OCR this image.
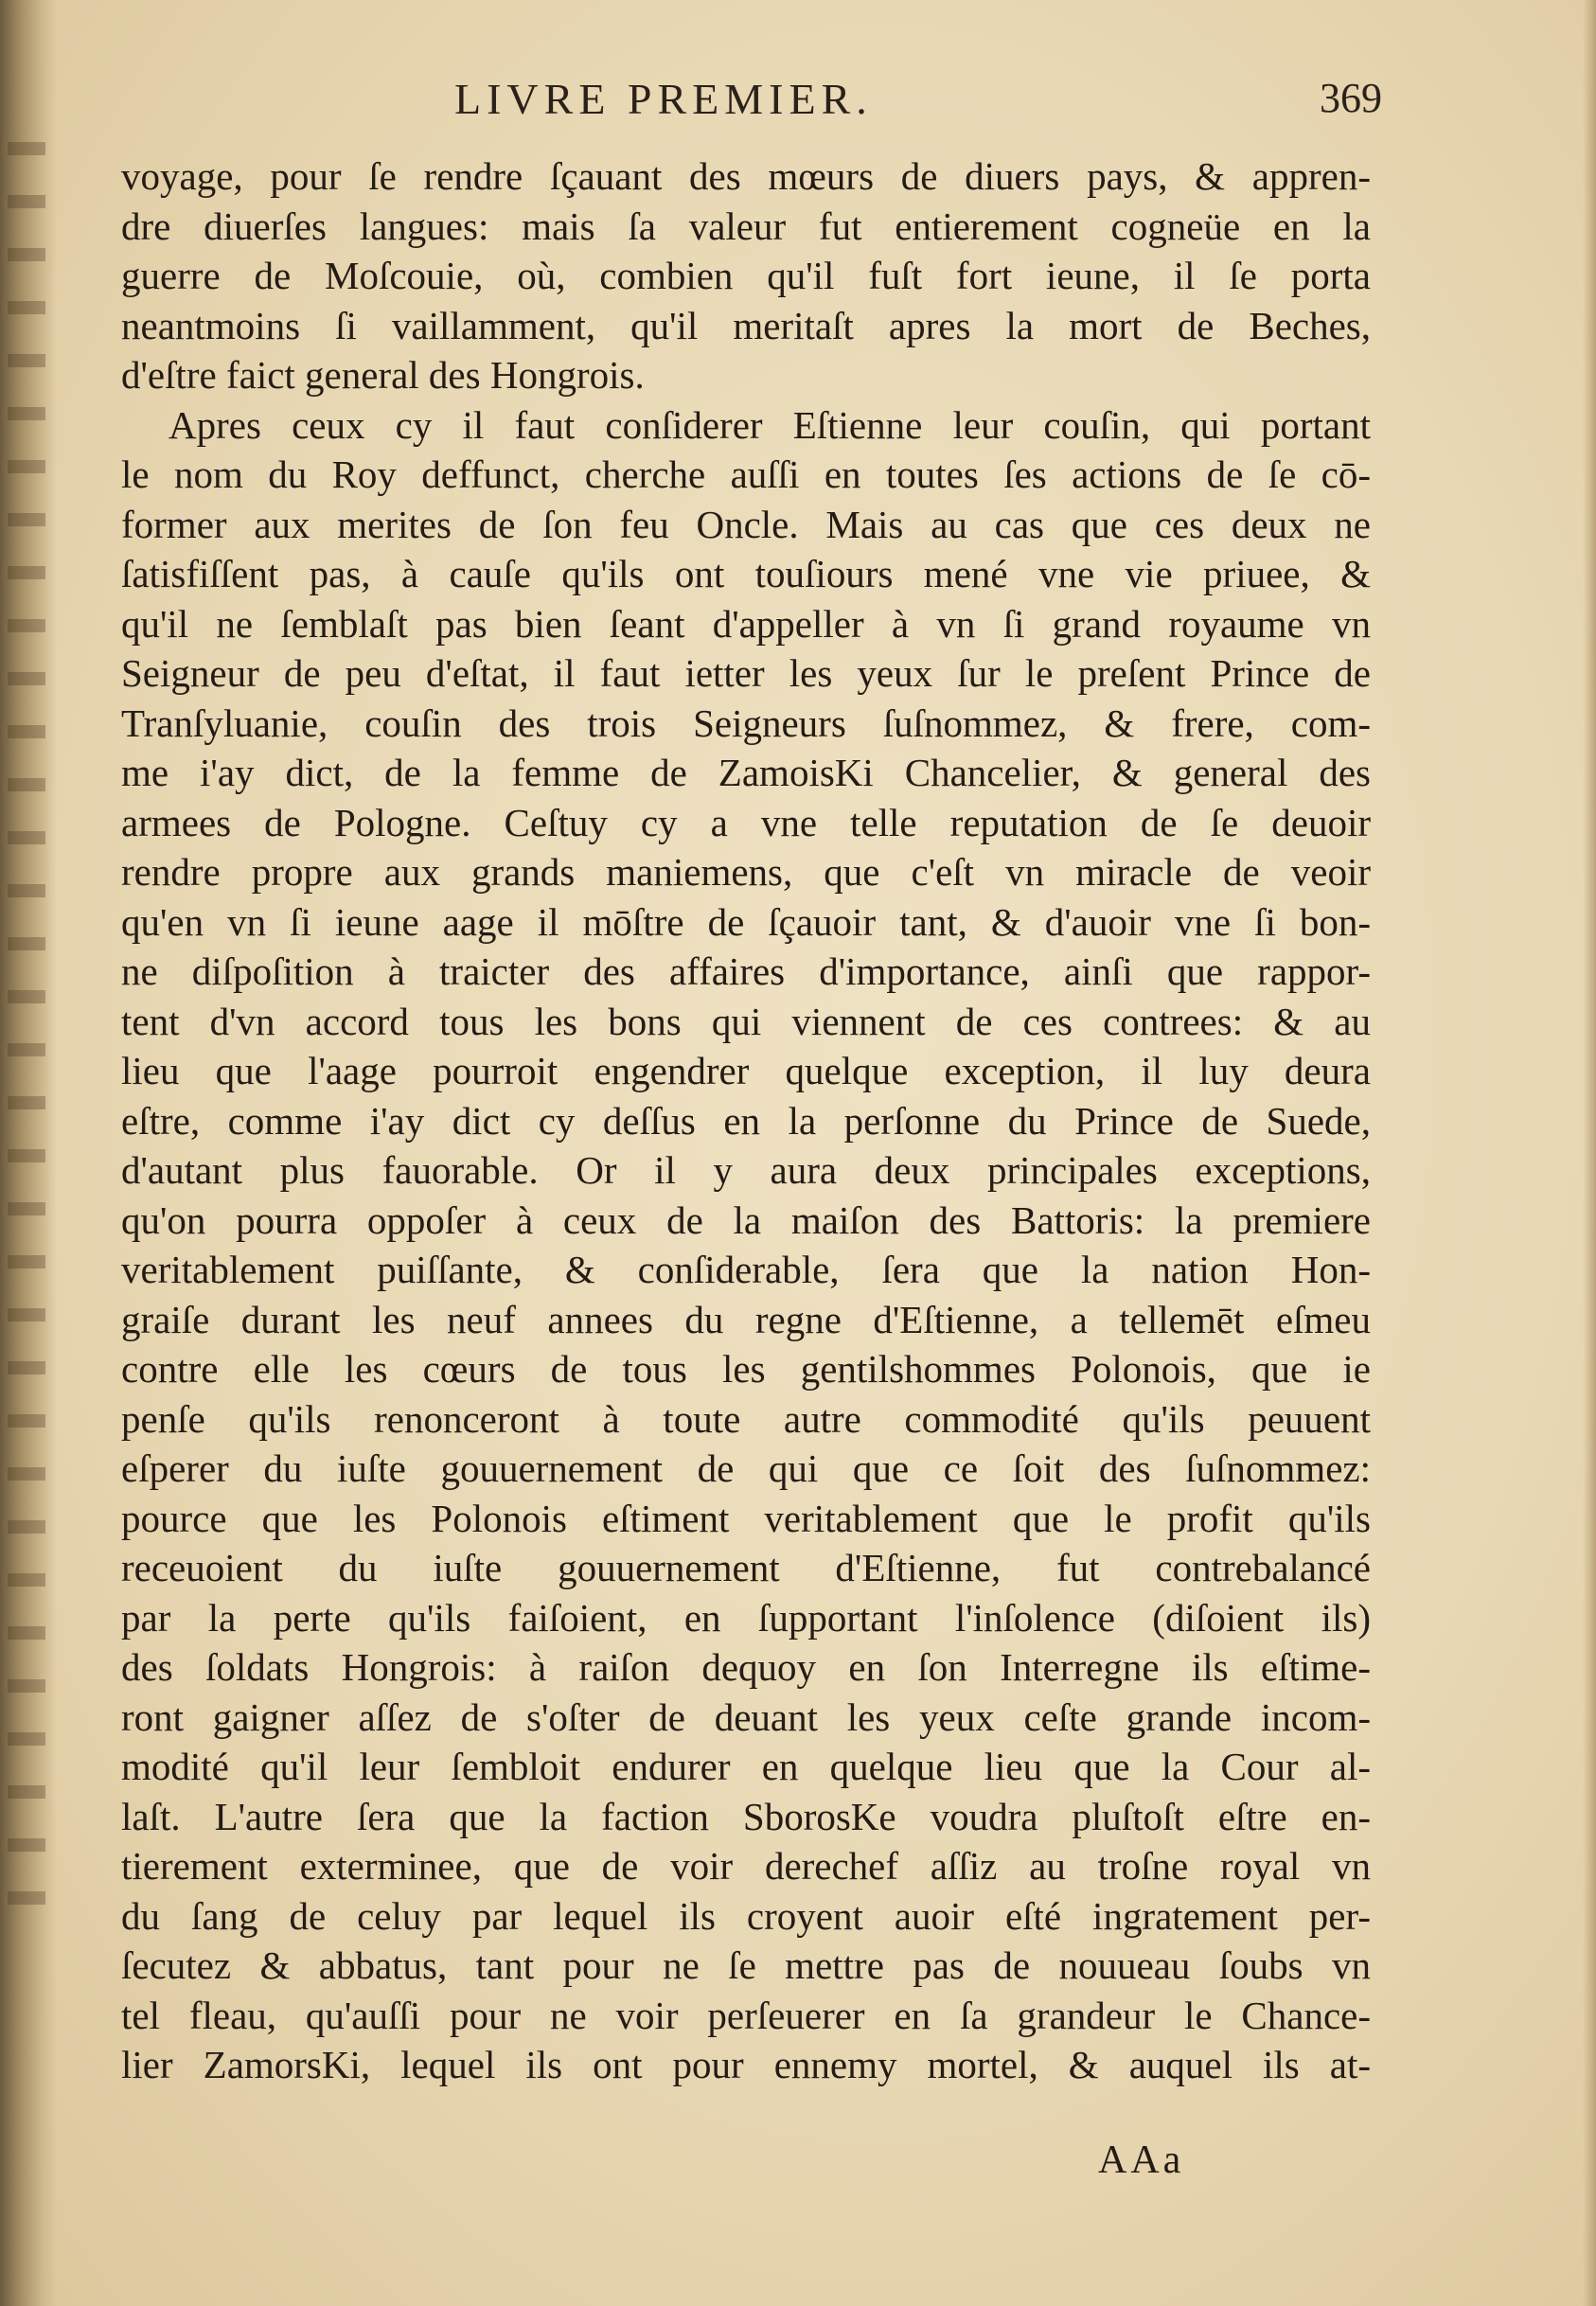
LIVRE PREMIER.	369
voyage, pour ſe rendre ſçauant des mœurs de diuers pays, & appren-
dre diuerſes langues: mais ſa valeur fut entierement cogneüe en la
guerre de Moſcouie, où, combien qu'il fuſt fort ieune, il ſe porta
neantmoins ſi vaillamment, qu'il meritaſt apres la mort de Beches,
d'eſtre faict general des Hongrois.
Apres ceux cy il faut conſiderer Eſtienne leur couſin, qui portant
le nom du Roy deffunct, cherche auſſi en toutes ſes actions de ſe cō-
former aux merites de ſon feu Oncle. Mais au cas que ces deux ne
ſatisfiſſent pas, à cauſe qu'ils ont touſiours mené vne vie priuee, &
qu'il ne ſemblaſt pas bien ſeant d'appeller à vn ſi grand royaume vn
Seigneur de peu d'eſtat, il faut ietter les yeux ſur le preſent Prince de
Tranſyluanie, couſin des trois Seigneurs ſuſnommez, & frere, com-
me i'ay dict, de la femme de ZamoisKi Chancelier, & general des
armees de Pologne. Ceſtuy cy a vne telle reputation de ſe deuoir
rendre propre aux grands maniemens, que c'eſt vn miracle de veoir
qu'en vn ſi ieune aage il mōſtre de ſçauoir tant, & d'auoir vne ſi bon-
ne diſpoſition à traicter des affaires d'importance, ainſi que rappor-
tent d'vn accord tous les bons qui viennent de ces contrees: & au
lieu que l'aage pourroit engendrer quelque exception, il luy deura
eſtre, comme i'ay dict cy deſſus en la perſonne du Prince de Suede,
d'autant plus fauorable. Or il y aura deux principales exceptions,
qu'on pourra oppoſer à ceux de la maiſon des Battoris: la premiere
veritablement puiſſante, & conſiderable, ſera que la nation Hon-
graiſe durant les neuf annees du regne d'Eſtienne, a tellemēt eſmeu
contre elle les cœurs de tous les gentilshommes Polonois, que ie
penſe qu'ils renonceront à toute autre commodité qu'ils peuuent
eſperer du iuſte gouuernement de qui que ce ſoit des ſuſnommez:
pource que les Polonois eſtiment veritablement que le profit qu'ils
receuoient du iuſte gouuernement d'Eſtienne, fut contrebalancé
par la perte qu'ils faiſoient, en ſupportant l'inſolence (diſoient ils)
des ſoldats Hongrois: à raiſon dequoy en ſon Interregne ils eſtime-
ront gaigner aſſez de s'oſter de deuant les yeux ceſte grande incom-
modité qu'il leur ſembloit endurer en quelque lieu que la Cour al-
laſt. L'autre ſera que la faction SborosKe voudra pluſtoſt eſtre en-
tierement exterminee, que de voir derechef aſſiz au troſne royal vn
du ſang de celuy par lequel ils croyent auoir eſté ingratement per-
ſecutez & abbatus, tant pour ne ſe mettre pas de nouueau ſoubs vn
tel fleau, qu'auſſi pour ne voir perſeuerer en ſa grandeur le Chance-
lier ZamorsKi, lequel ils ont pour ennemy mortel, & auquel ils at-
AAa
